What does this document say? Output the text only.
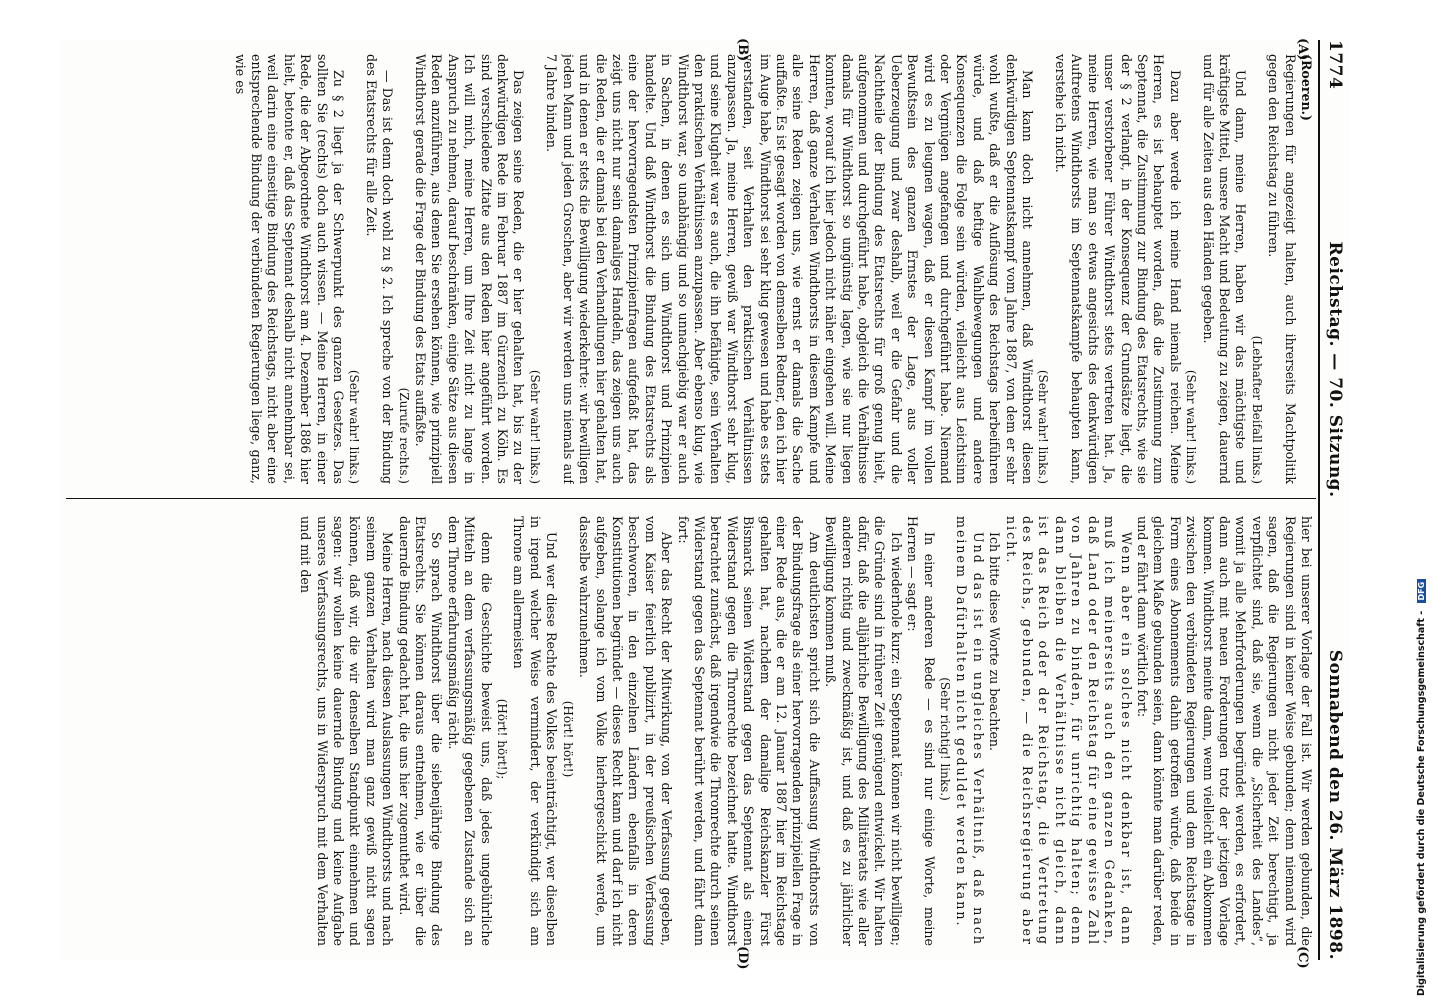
1774
Reichstag. — 70. Sitzung.
Sonnabend den 26. März 1898.
(A)
(B)
(C)
(D)

(Roeren.)

Regierungen für angezeigt halten, auch ihrerseits Machtpolitik gegen den Reichstag zu führen.

(Lebhafter Beifall links.)

Und dann, meine Herren, haben wir das mächtigste und kräftigste Mittel, unsere Macht und Bedeutung zu zeigen, dauernd und für alle Zeiten aus den Händen gegeben.

(Sehr wahr! links.)

Dazu aber werde ich meine Hand niemals reichen. Meine Herren, es ist behauptet worden, daß die Zustimmung zum Septennat, die Zustimmung zur Bindung des Etatsrechts, wie sie der § 2 verlangt, in der Konsequenz der Grundsätze liegt, die unser verstorbener Führer Windthorst stets vertreten hat. Ja, meine Herren, wie man so etwas angesichts des denkwürdigen Auftretens Windthorsts im Septennatskampfe behaupten kann, verstehe ich nicht.

(Sehr wahr! links.)

Man kann doch nicht annehmen, daß Windthorst diesen denkwürdigen Septennatskampf vom Jahre 1887, von dem er sehr wohl wußte, daß er die Auflösung des Reichstags herbeiführen würde, und daß heftige Wahlbewegungen und andere Konsequenzen die Folge sein würden, vielleicht aus Leichtsinn oder Vergnügen angefangen und durchgeführt habe. Niemand wird es zu leugnen wagen, daß er diesen Kampf im vollen Bewußtsein des ganzen Ernstes der Lage, aus voller Ueberzeugung und zwar deshalb, weil er die Gefahr und die Nachtheile der Bindung des Etatsrechts für groß genug hielt, aufgenommen und durchgeführt habe, obgleich die Verhältnisse damals für Windthorst so ungünstig lagen, wie sie nur liegen konnten, worauf ich hier jedoch nicht näher eingehen will. Meine Herren, daß ganze Verhalten Windthorsts in diesem Kampfe und alle seine Reden zeigen uns, wie ernst er damals die Sache auffaßte. Es ist gesagt worden von demselben Redner, den ich hier im Auge habe, Windthorst sei sehr klug gewesen und habe es stets verstanden, seit Verhalten den praktischen Verhältnissen anzupassen. Ja, meine Herren, gewiß war Windthorst sehr klug, und seine Klugheit war es auch, die ihn befähigte, sein Verhalten den praktischen Verhältnissen anzupassen. Aber ebenso klug, wie Windthorst war, so unabhängig und so unnachgiebig war er auch in Sachen, in denen es sich um Windthorst und Prinzipien handelte. Und daß Windthorst die Bindung des Etatsrechts als eine der hervorragendsten Prinzipienfragen aufgefaßt hat, das zeigt uns nicht nur sein damaliges Handeln, das zeigen uns auch die Reden, die er damals bei den Verhandlungen hier gehalten hat, und in denen er stets die Bewilligung wiederkehrte: wir bewilligen jeden Mann und jeden Groschen, aber wir werden uns niemals auf 7 Jahre binden.

(Sehr wahr! links.)

Das zeigen seine Reden, die er hier gehalten hat, bis zu der denkwürdigen Rede im Februar 1887 im Gürzenich zu Köln. Es sind verschiedene Zitate aus den Reden hier angeführt worden. Ich will mich, meine Herren, um Ihre Zeit nicht zu lange in Anspruch zu nehmen, darauf beschränken, einige Sätze aus diesen Reden anzuführen, aus denen Sie ersehen können, wie prinzipiell Windthorst gerade die Frage der Bindung des Etats auffaßte.

(Zurufe rechts.)

— Das ist denn doch wohl zu § 2. Ich spreche von der Bindung des Etatsrechts für alle Zeit.

(Sehr wahr! links.)

Zu § 2 liegt ja der Schwerpunkt des ganzen Gesetzes. Das sollten Sie (rechts) doch auch wissen. — Meine Herren, in einer Rede, die der Abgeordnete Windthorst am 4. Dezember 1886 hier hielt, betonte er, daß das Septennat deshalb nicht annehmbar sei, weil darin eine einseitige Bindung des Reichstags, nicht aber eine entsprechende Bindung der verbündeten Regierungen liege, ganz, wie es

hier bei unserer Vorlage der Fall ist. Wir werden gebunden, die Regierungen sind in keiner Weise gebunden; denn niemand wird sagen, daß die Regierungen nicht jeder Zeit berechtigt, ja verpflichtet sind, daß sie, wenn die „Sicherheit des Landes“, womit ja alle Mehrforderungen begründet werden, es erfordert, dann auch mit neuen Forderungen trotz der jetzigen Vorlage kommen. Windthorst meinte dann, wenn vielleicht ein Abkommen zwischen den verbündeten Regierungen und dem Reichstage in Form eines Abonnements dahin getroffen würde, daß beide in gleichem Maße gebunden seien, dann könnte man darüber reden, und er fährt dann wörtlich fort:

Wenn aber ein solches nicht denkbar ist, dann muß ich meinerseits auch den ganzen Gedanken, daß Land oder den Reichstag für eine gewisse Zahl von Jahren zu binden, für unrichtig halten; denn dann bleiben die Verhältnisse nicht gleich, dann ist das Reich oder der Reichstag, die Vertretung des Reichs, gebunden, — die Reichsregierung aber nicht.

Ich bitte diese Worte zu beachten.

Und das ist ein ungleiches Verhältniß, daß nach meinem Dafürhalten nicht geduldet werden kann.

(Sehr richtig! links.)

In einer anderen Rede — es sind nur einige Worte, meine Herren — sagt er:

Ich wiederhole kurz: ein Septennat können wir nicht bewilligen; die Gründe sind in früherer Zeit genügend entwickelt. Wir halten dafür, daß die alljährliche Bewilligung des Militäretats wie aller anderen richtig und zweckmäßig ist, und daß es zu jährlicher Bewilligung kommen muß.

Am deutlichsten spricht sich die Auffassung Windthorsts von der Bindungsfrage als einer hervorragenden prinzipiellen Frage in einer Rede aus, die er am 12. Januar 1887 hier im Reichstage gehalten hat, nachdem der damalige Reichskanzler Fürst Bismarck seinen Widerstand gegen das Septennat als einen Widerstand gegen die Thronrechte bezeichnet hatte. Windthorst betrachtet zunächst, daß irgendwie die Thronrechte durch seinen Widerstand gegen das Septennat berührt werden, und fährt dann fort:

Aber das Recht der Mitwirkung, von der Verfassung gegeben, vom Kaiser feierlich publizirt, in der preußischen Verfassung beschworen, in den einzelnen Ländern ebenfalls in deren Konstitutionen begründet — dieses Recht kann und darf ich nicht aufgeben, solange ich vom Volke hierhergeschickt werde, um dasselbe wahrzunehmen.

(Hört! hört!)

Und wer diese Rechte des Volkes beeinträchtigt, wer dieselben in irgend welcher Weise vermindert, der verkündigt sich am Throne am allermeisten

(Hört! hört!);

denn die Geschichte beweist uns, daß jedes ungebührliche Mitteln an dem verfassungsmäßig gegebenen Zustande sich an dem Throne erfahrungsmäßig rächt.

So sprach Windthorst über die siebenjährige Bindung des Etatsrechts. Sie können daraus entnehmen, wie er über die dauernde Bindung gedacht hat, die uns hier zugemuthet wird.

Meine Herren, nach diesen Auslassungen Windthorsts und nach seinem ganzen Verhalten wird man ganz gewiß nicht sagen können, daß wir, die wir denselben Standpunkt einnehmen und sagen: wir wollen keine dauernde Bindung und keine Aufgabe unseres Verfassungsrechts, uns in Widerspruch mit dem Verhalten und mit den

Digitalisierung gefördert durch die Deutsche Forschungsgemeinschaft - DFG
